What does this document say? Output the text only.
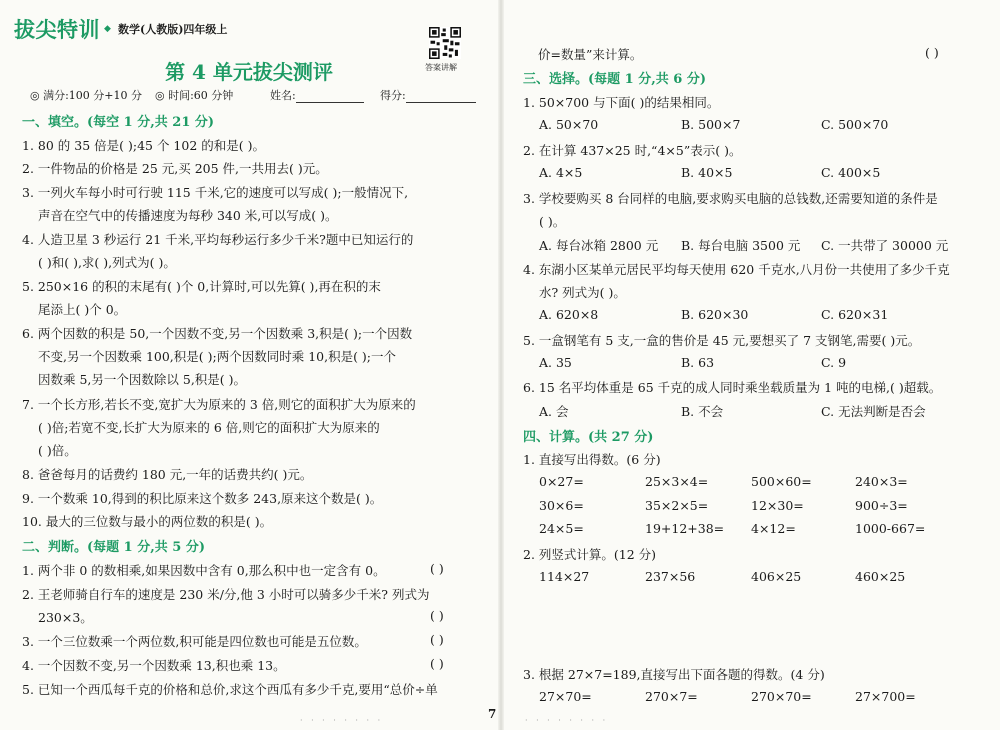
拔尖特训 ◆ 数学(人教版)四年级上
答案讲解
第 4 单元拔尖测评
◎ 满分:100 分+10 分 ◎ 时间:60 分钟	姓名:	得分:
一、填空。(每空 1 分,共 21 分)
1. 80 的 35 倍是( );45 个 102 的和是( )。
2. 一件物品的价格是 25 元,买 205 件,一共用去( )元。
3. 一列火车每小时可行驶 115 千米,它的速度可以写成( );一般情况下,
声音在空气中的传播速度为每秒 340 米,可以写成( )。
4. 人造卫星 3 秒运行 21 千米,平均每秒运行多少千米?题中已知运行的
( )和( ),求( ),列式为( )。
5. 250×16 的积的末尾有( )个 0,计算时,可以先算( ),再在积的末
尾添上( )个 0。
6. 两个因数的积是 50,一个因数不变,另一个因数乘 3,积是( );一个因数
不变,另一个因数乘 100,积是( );两个因数同时乘 10,积是( );一个
因数乘 5,另一个因数除以 5,积是( )。
7. 一个长方形,若长不变,宽扩大为原来的 3 倍,则它的面积扩大为原来的
( )倍;若宽不变,长扩大为原来的 6 倍,则它的面积扩大为原来的
( )倍。
8. 爸爸每月的话费约 180 元,一年的话费共约( )元。
9. 一个数乘 10,得到的积比原来这个数多 243,原来这个数是( )。
10. 最大的三位数与最小的两位数的积是( )。
二、判断。(每题 1 分,共 5 分)
1. 两个非 0 的数相乘,如果因数中含有 0,那么积中也一定含有 0。	( )
2. 王老师骑自行车的速度是 230 米/分,他 3 小时可以骑多少千米? 列式为
230×3。	( )
3. 一个三位数乘一个两位数,积可能是四位数也可能是五位数。	( )
4. 一个因数不变,另一个因数乘 13,积也乘 13。	( )
5. 已知一个西瓜每千克的价格和总价,求这个西瓜有多少千克,要用“总价÷单
· · · · · · · ·	7
价=数量”来计算。	( )
三、选择。(每题 1 分,共 6 分)
1. 50×700 与下面( )的结果相同。
A. 50×70	B. 500×7	C. 500×70
2. 在计算 437×25 时,“4×5”表示( )。
A. 4×5	B. 40×5	C. 400×5
3. 学校要购买 8 台同样的电脑,要求购买电脑的总钱数,还需要知道的条件是
( )。
A. 每台冰箱 2800 元 B. 每台电脑 3500 元 C. 一共带了 30000 元
4. 东湖小区某单元居民平均每天使用 620 千克水,八月份一共使用了多少千克
水? 列式为( )。
A. 620×8	B. 620×30	C. 620×31
5. 一盒钢笔有 5 支,一盒的售价是 45 元,要想买了 7 支钢笔,需要( )元。
A. 35	B. 63	C. 9
6. 15 名平均体重是 65 千克的成人同时乘坐载质量为 1 吨的电梯,( )超载。
A. 会	B. 不会	C. 无法判断是否会
四、计算。(共 27 分)
1. 直接写出得数。(6 分)
0×27=	25×3×4=	500×60=	240×3=
30×6=	35×2×5=	12×30=	900÷3=
24×5=	19+12+38= 4×12=	1000-667=
2. 列竖式计算。(12 分)
114×27	237×56	406×25	460×25
3. 根据 27×7=189,直接写出下面各题的得数。(4 分)
27×70=	270×7=	270×70=	27×700=
· · · · · · · ·
